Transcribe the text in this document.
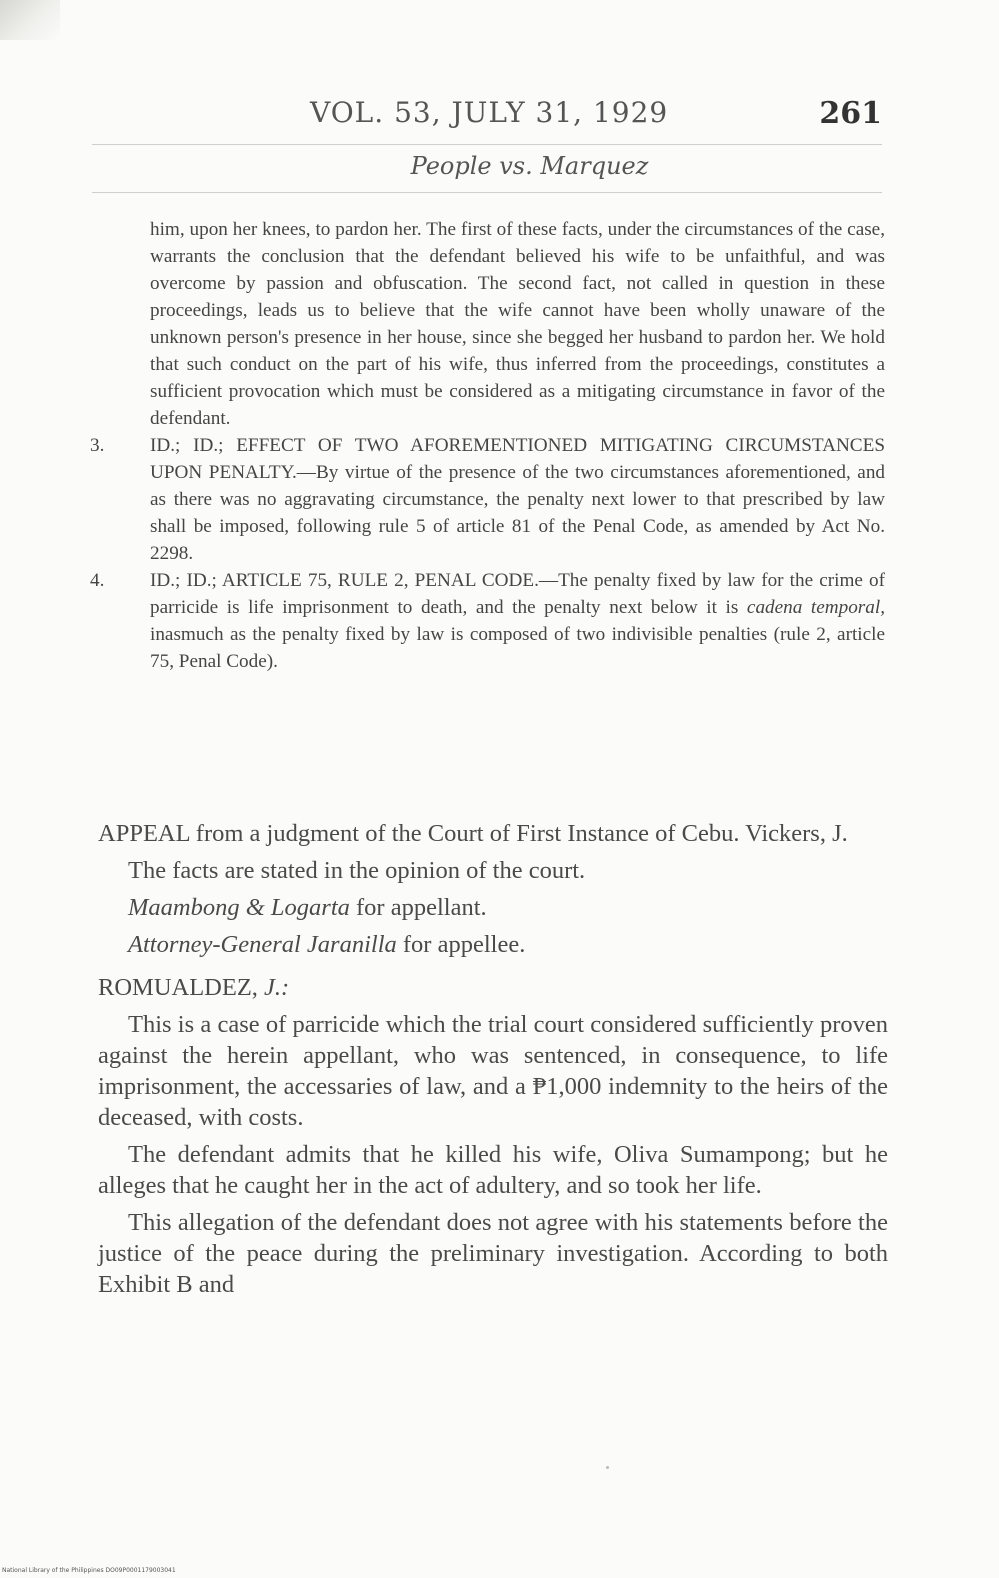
VOL. 53, JULY 31, 1929	261
People vs. Marquez

him, upon her knees, to pardon her. The first of these facts, under the circumstances of the case, warrants the conclusion that the defendant believed his wife to be unfaithful, and was overcome by passion and obfuscation. The second fact, not called in question in these proceedings, leads us to believe that the wife cannot have been wholly unaware of the unknown person's presence in her house, since she begged her husband to pardon her. We hold that such conduct on the part of his wife, thus inferred from the proceedings, constitutes a sufficient provocation which must be considered as a mitigating circumstance in favor of the defendant.

3. ID.; ID.; EFFECT OF TWO AFOREMENTIONED MITIGATING CIRCUMSTANCES UPON PENALTY.—By virtue of the presence of the two circumstances aforementioned, and as there was no aggravating circumstance, the penalty next lower to that prescribed by law shall be imposed, following rule 5 of article 81 of the Penal Code, as amended by Act No. 2298.
4. ID.; ID.; ARTICLE 75, RULE 2, PENAL CODE.—The penalty fixed by law for the crime of parricide is life imprisonment to death, and the penalty next below it is cadena temporal, inasmuch as the penalty fixed by law is composed of two indivisible penalties (rule 2, article 75, Penal Code).

APPEAL from a judgment of the Court of First Instance of Cebu. Vickers, J.

The facts are stated in the opinion of the court.

Maambong & Logarta for appellant.

Attorney-General Jaranilla for appellee.

ROMUALDEZ, J.:

This is a case of parricide which the trial court considered sufficiently proven against the herein appellant, who was sentenced, in consequence, to life imprisonment, the accessaries of law, and a ₱1,000 indemnity to the heirs of the deceased, with costs.

The defendant admits that he killed his wife, Oliva Sumampong; but he alleges that he caught her in the act of adultery, and so took her life.

This allegation of the defendant does not agree with his statements before the justice of the peace during the preliminary investigation. According to both Exhibit B and

National Library of the Philippines DO09P0001179003041
